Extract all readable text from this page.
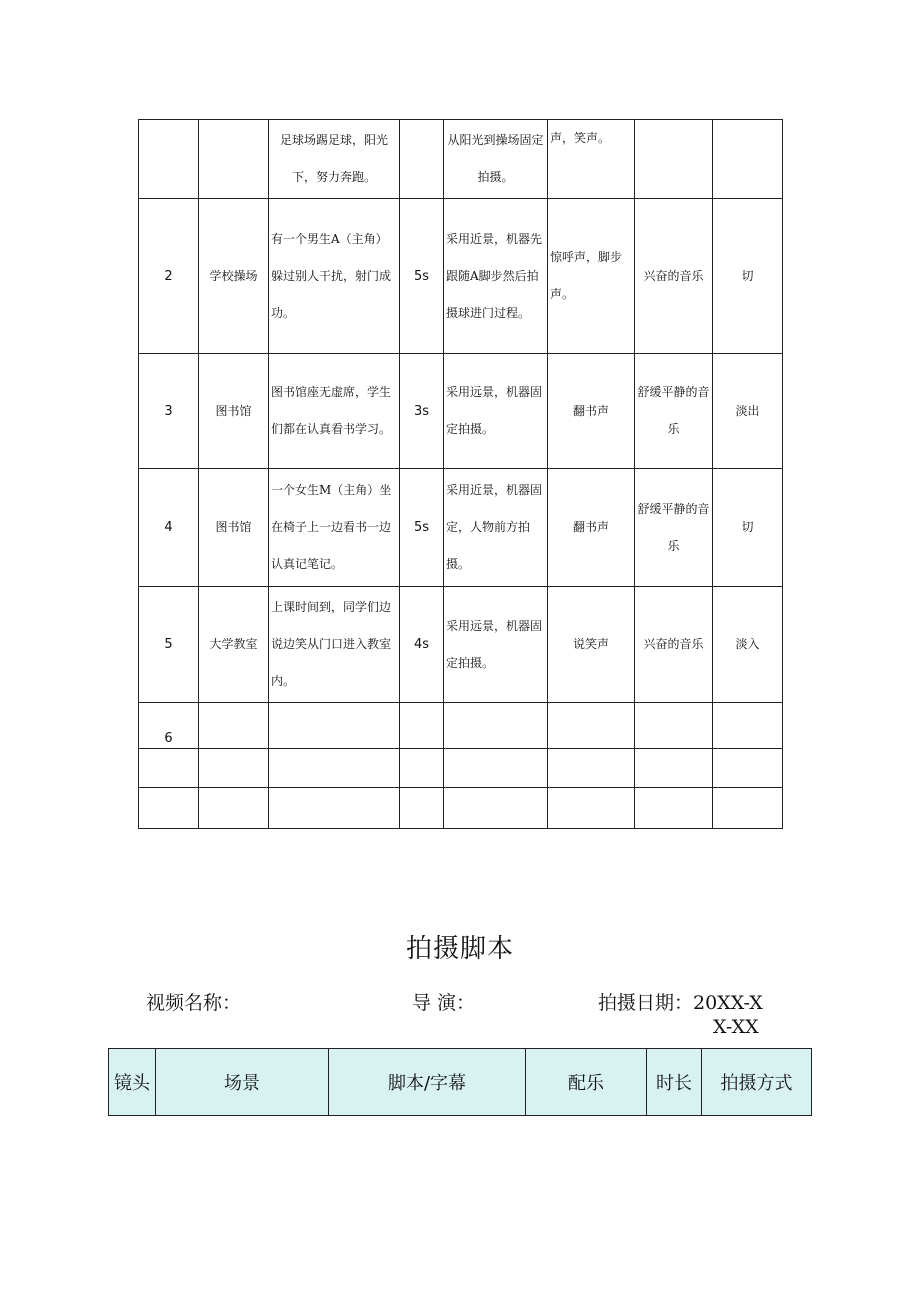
		足球场踢足球，阳光下，努力奔跑。		从阳光到操场固定拍摄。	声，笑声。		
2	学校操场	有一个男生A（主角）躲过别人干扰，射门成功。	5s	采用近景，机器先跟随A脚步然后拍摄球进门过程。	惊呼声，脚步声。	兴奋的音乐	切
3	图书馆	图书馆座无虚席，学生们都在认真看书学习。	3s	采用远景，机器固定拍摄。	翻书声	舒缓平静的音乐	淡出
4	图书馆	一个女生M（主角）坐在椅子上一边看书一边认真记笔记。	5s	采用近景，机器固定，人物前方拍摄。	翻书声	舒缓平静的音乐	切
5	大学教室	上课时间到，同学们边说边笑从门口进入教室内。	4s	采用远景，机器固定拍摄。	说笑声	兴奋的音乐	淡入
6							

拍摄脚本
视频名称：	导 演：	拍摄日期：20XX-X
X-XX
镜头	场景	脚本/字幕	配乐	时长	拍摄方式
